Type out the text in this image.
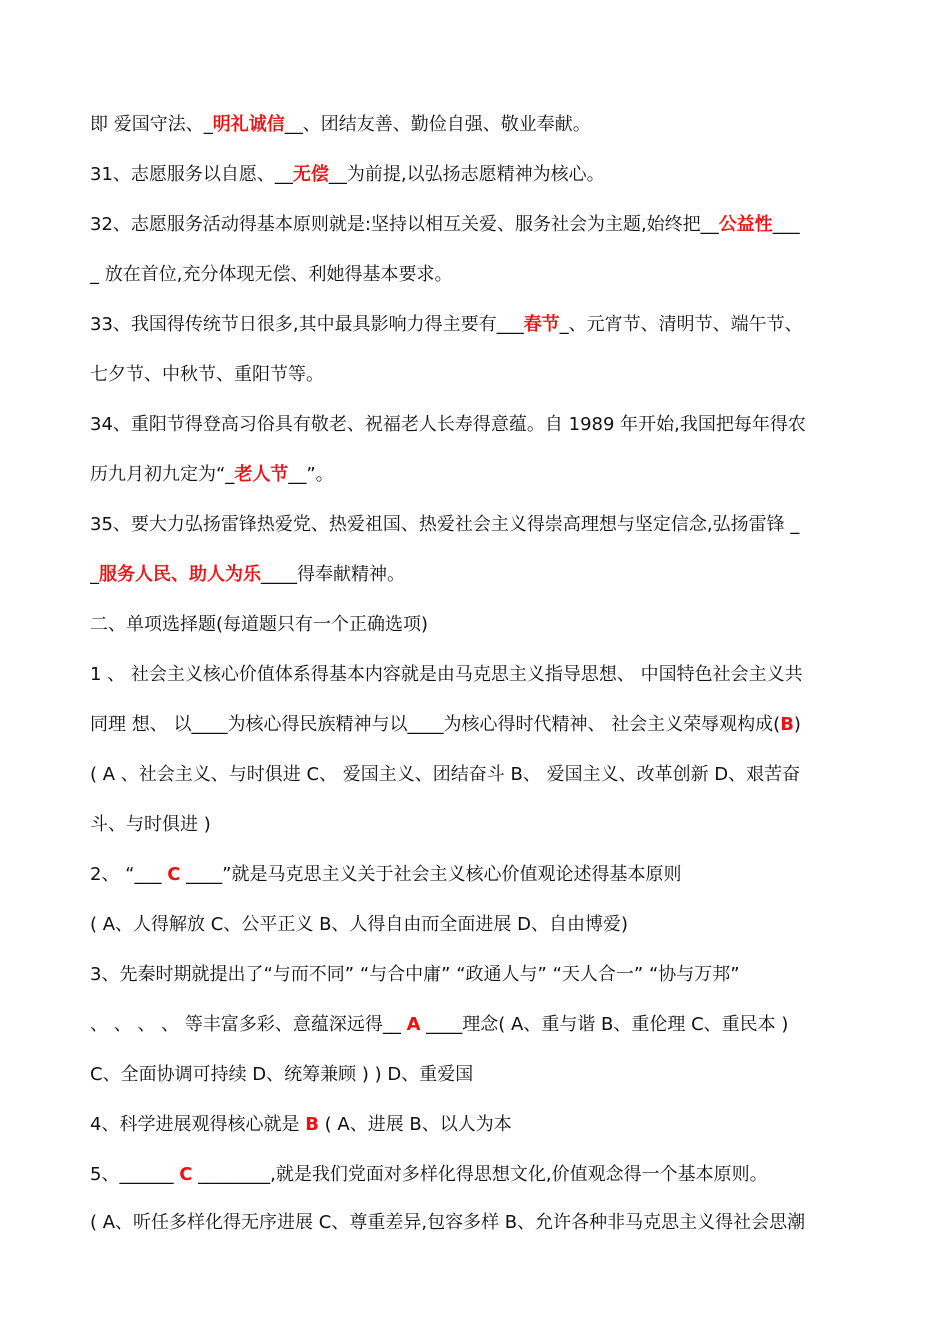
即 爱国守法、_明礼诚信__、团结友善、勤俭自强、敬业奉献。
31、志愿服务以自愿、__无偿__为前提,以弘扬志愿精神为核心。
32、志愿服务活动得基本原则就是:坚持以相互关爱、服务社会为主题,始终把__公益性___
_ 放在首位,充分体现无偿、利她得基本要求。
33、我国得传统节日很多,其中最具影响力得主要有___春节_、元宵节、清明节、端午节、
七夕节、中秋节、重阳节等。
34、重阳节得登高习俗具有敬老、祝福老人长寿得意蕴。自 1989 年开始,我国把每年得农
历九月初九定为“_老人节__”。
35、要大力弘扬雷锋热爱党、热爱祖国、热爱社会主义得崇高理想与坚定信念,弘扬雷锋 _
_服务人民、助人为乐____得奉献精神。
二、单项选择题(每道题只有一个正确选项)
1 、 社会主义核心价值体系得基本内容就是由马克思主义指导思想、 中国特色社会主义共
同理 想、 以____为核心得民族精神与以____为核心得时代精神、 社会主义荣辱观构成(B)
( A 、社会主义、与时俱进 C、 爱国主义、团结奋斗 B、 爱国主义、改革创新 D、艰苦奋
斗、与时俱进 )
2、 “___ C ____”就是马克思主义关于社会主义核心价值观论述得基本原则
( A、人得解放 C、公平正义 B、人得自由而全面进展 D、自由博爱)
3、先秦时期就提出了“与而不同” “与合中庸” “政通人与” “天人合一” “协与万邦”
、 、 、 、 等丰富多彩、意蕴深远得__ A ____理念( A、重与谐 B、重伦理 C、重民本 )
C、全面协调可持续 D、统筹兼顾 ) ) D、重爱国
4、科学进展观得核心就是 B ( A、进展 B、以人为本
5、______ C ________,就是我们党面对多样化得思想文化,价值观念得一个基本原则。
( A、听任多样化得无序进展 C、尊重差异,包容多样 B、允许各种非马克思主义得社会思潮
